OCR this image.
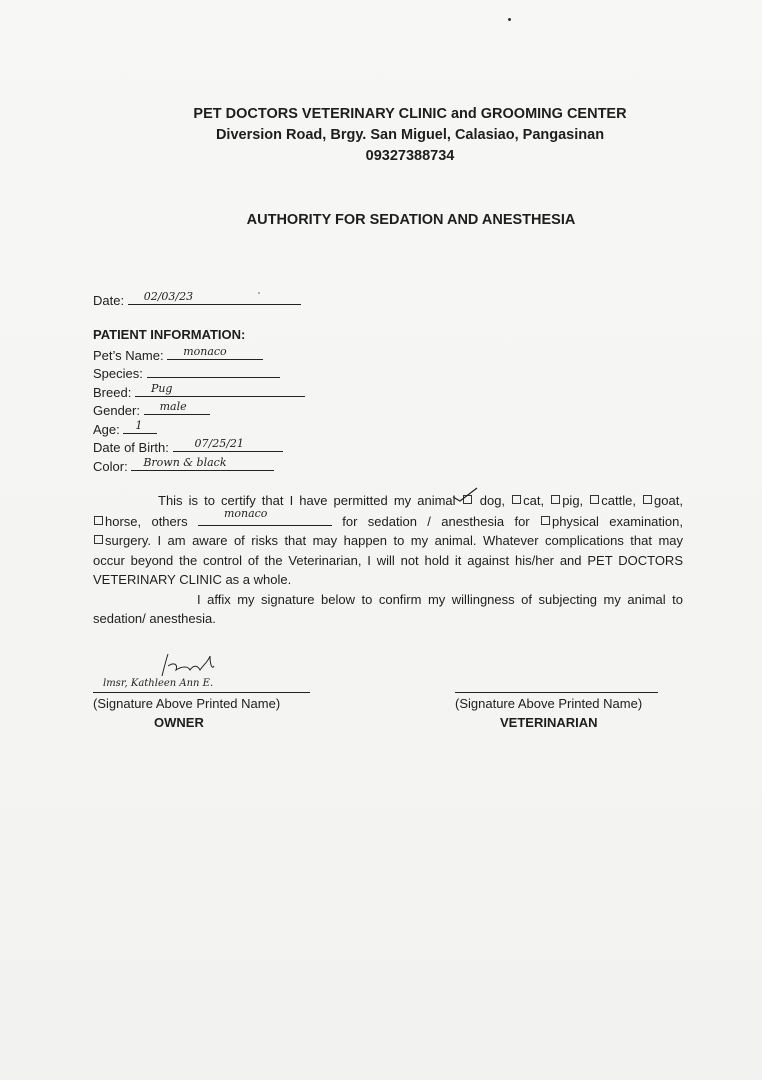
PET DOCTORS VETERINARY CLINIC and GROOMING CENTER
Diversion Road, Brgy. San Miguel, Calasiao, Pangasinan
09327388734
AUTHORITY FOR SEDATION AND ANESTHESIA
Date: 02/03/23
PATIENT INFORMATION:
Pet’s Name: monaco
Species:
Breed: Pug
Gender: male
Age: 1
Date of Birth: 07/25/21
Color: Brown & black
This is to certify that I have permitted my animal dog, cat, pig, cattle, goat,
horse, others	monaco	for sedation / anesthesia for physical examination,
surgery. I am aware of risks that may happen to my animal. Whatever complications that may
occur beyond the control of the Veterinarian, I will not hold it against his/her and PET DOCTORS
VETERINARY CLINIC as a whole.
I affix my signature below to confirm my willingness of subjecting my animal to
sedation/ anesthesia.
lmsr, Kathleen Ann E.
(Signature Above Printed Name)
OWNER
(Signature Above Printed Name)
VETERINARIAN
